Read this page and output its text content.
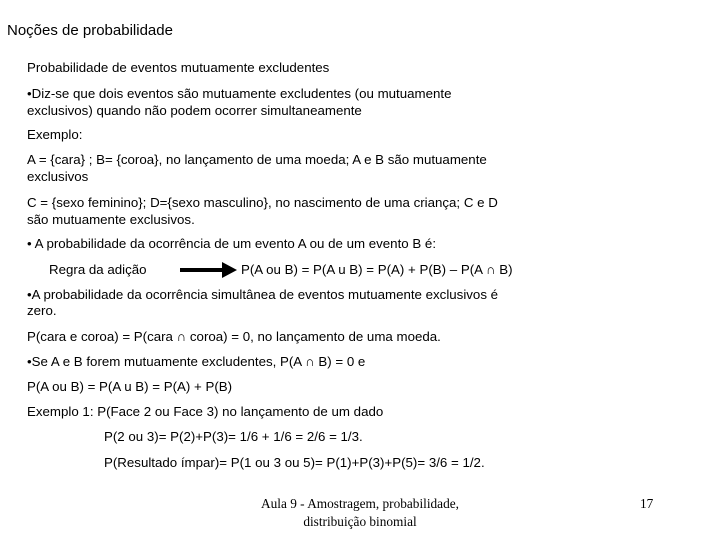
Noções de probabilidade
Probabilidade de eventos mutuamente excludentes
•Diz-se que dois eventos são mutuamente excludentes (ou mutuamente
exclusivos) quando não podem ocorrer simultaneamente
Exemplo:
A = {cara} ; B= {coroa}, no lançamento de uma moeda; A e B são mutuamente
exclusivos
C = {sexo feminino}; D={sexo masculino}, no nascimento de uma criança; C e D
são mutuamente exclusivos.
• A probabilidade da ocorrência de um evento A ou de um evento B é:
Regra da adição	P(A ou B) = P(A u B) = P(A) + P(B) – P(A ∩ B)
•A probabilidade da ocorrência simultânea de eventos mutuamente exclusivos é
zero.
P(cara e coroa) = P(cara ∩ coroa) = 0, no lançamento de uma moeda.
•Se A e B forem mutuamente excludentes, P(A ∩ B) = 0 e
P(A ou B) = P(A u B) = P(A) + P(B)
Exemplo 1: P(Face 2 ou Face 3) no lançamento de um dado
P(2 ou 3)= P(2)+P(3)= 1/6 + 1/6 = 2/6 = 1/3.
P(Resultado ímpar)= P(1 ou 3 ou 5)= P(1)+P(3)+P(5)= 3/6 = 1/2.
Aula 9 - Amostragem, probabilidade,
distribuição binomial
17
